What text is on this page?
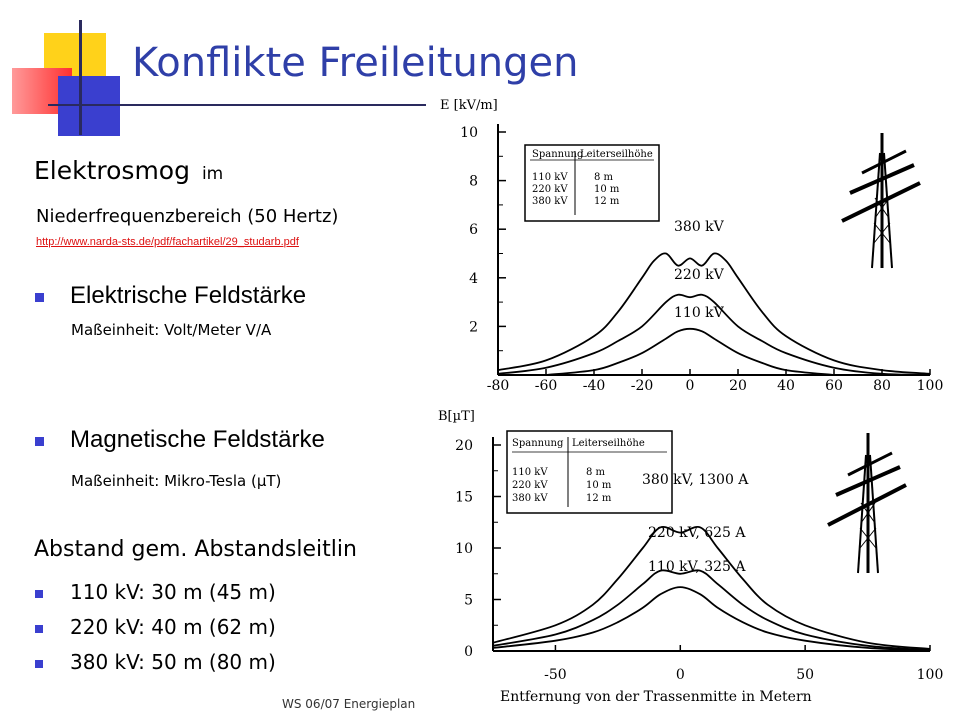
Konflikte Freileitungen
Elektrosmog im
Niederfrequenzbereich (50 Hertz)
http://www.narda-sts.de/pdf/fachartikel/29_studarb.pdf
Elektrische Feldstärke
Maßeinheit: Volt/Meter V/A
Magnetische Feldstärke
Maßeinheit: Mikro-Tesla (µT)
Abstand gem. Abstandsleitlin
110 kV: 30 m (45 m)
220 kV: 40 m (62 m)
380 kV: 50 m (80 m)
WS 06/07 Energieplan
2
4
6
8
10
-80 -60 -40 -20 0 20 40 60 80 100
E [kV/m]
Spannung
Leiterseilhöhe
110 kV	8 m
220 kV	10 m
380 kV	12 m
380 kV
220 kV
110 kV
0
5
10
15
20
-50	0	50	100
B[µT]
Entfernung von der Trassenmitte in Metern
Spannung Leiterseilhöhe
110 kV	8 m
220 kV	10 m
380 kV	12 m
380 kV, 1300 A
220 kV, 625 A
110 kV, 325 A
